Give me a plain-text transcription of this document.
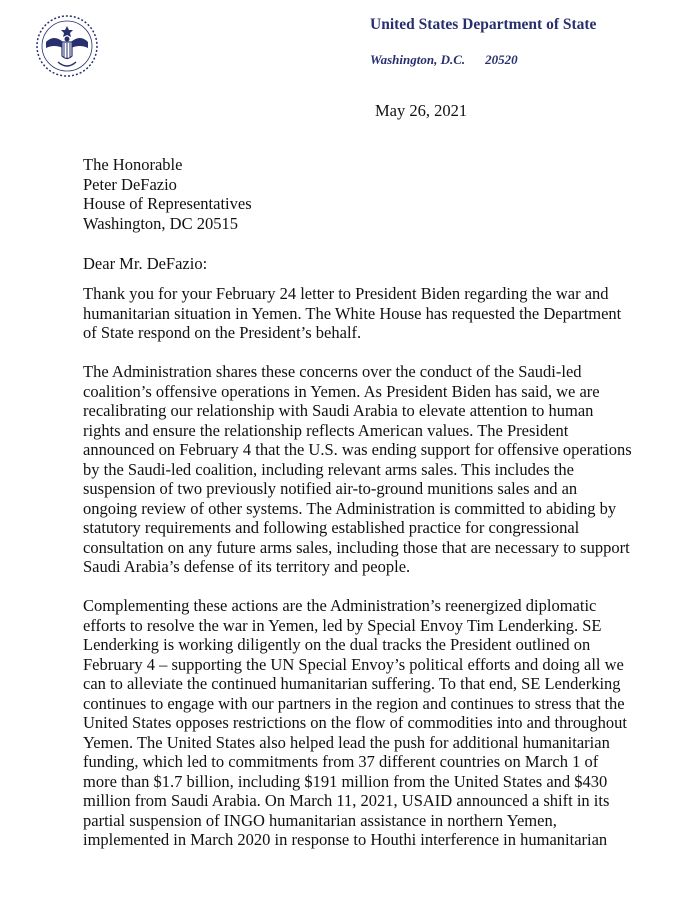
United States Department of State
Washington, D.C. 20520
May 26, 2021
The Honorable
Peter DeFazio
House of Representatives
Washington, DC 20515
Dear Mr. DeFazio:
Thank you for your February 24 letter to President Biden regarding the war and
humanitarian situation in Yemen. The White House has requested the Department
of State respond on the President’s behalf.
The Administration shares these concerns over the conduct of the Saudi-led
coalition’s offensive operations in Yemen. As President Biden has said, we are
recalibrating our relationship with Saudi Arabia to elevate attention to human
rights and ensure the relationship reflects American values. The President
announced on February 4 that the U.S. was ending support for offensive operations
by the Saudi-led coalition, including relevant arms sales. This includes the
suspension of two previously notified air-to-ground munitions sales and an
ongoing review of other systems. The Administration is committed to abiding by
statutory requirements and following established practice for congressional
consultation on any future arms sales, including those that are necessary to support
Saudi Arabia’s defense of its territory and people.
Complementing these actions are the Administration’s reenergized diplomatic
efforts to resolve the war in Yemen, led by Special Envoy Tim Lenderking. SE
Lenderking is working diligently on the dual tracks the President outlined on
February 4 – supporting the UN Special Envoy’s political efforts and doing all we
can to alleviate the continued humanitarian suffering. To that end, SE Lenderking
continues to engage with our partners in the region and continues to stress that the
United States opposes restrictions on the flow of commodities into and throughout
Yemen. The United States also helped lead the push for additional humanitarian
funding, which led to commitments from 37 different countries on March 1 of
more than $1.7 billion, including $191 million from the United States and $430
million from Saudi Arabia. On March 11, 2021, USAID announced a shift in its
partial suspension of INGO humanitarian assistance in northern Yemen,
implemented in March 2020 in response to Houthi interference in humanitarian
